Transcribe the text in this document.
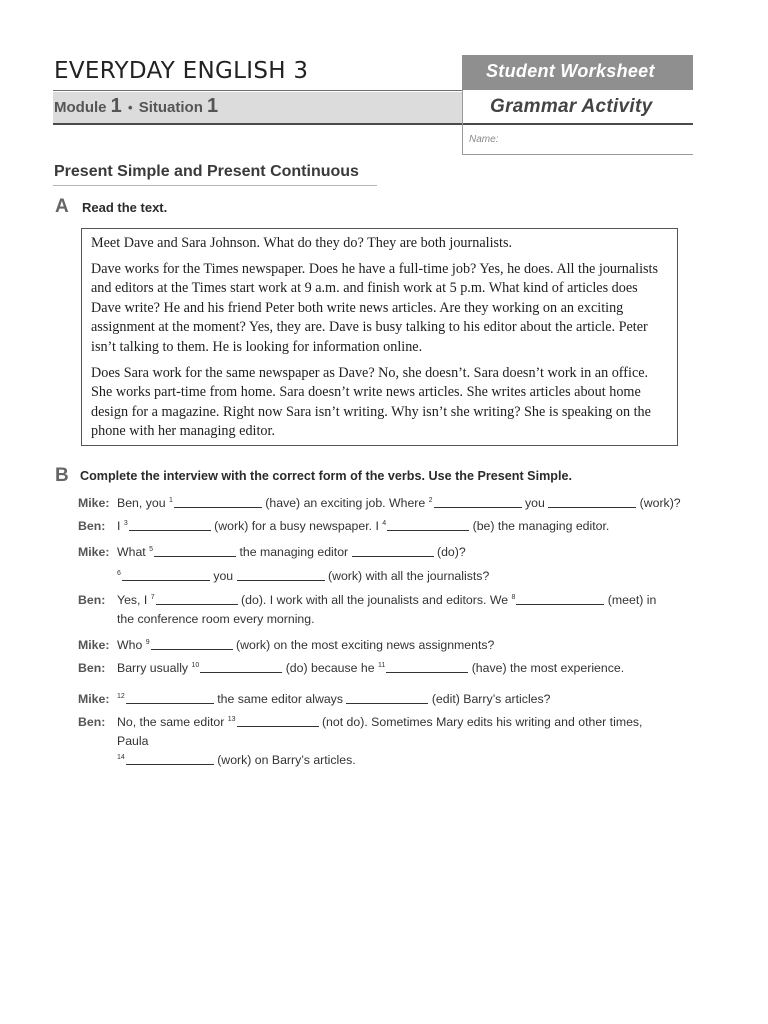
EVERYDAY ENGLISH 3
Module 1 • Situation 1
Student Worksheet
Grammar Activity
Name:
Present Simple and Present Continuous
A Read the text.

Meet Dave and Sara Johnson. What do they do? They are both journalists.

Dave works for the Times newspaper. Does he have a full-time job? Yes, he does. All the journalists and editors at the Times start work at 9 a.m. and finish work at 5 p.m. What kind of articles does Dave write? He and his friend Peter both write news articles. Are they working on an exciting assignment at the moment? Yes, they are. Dave is busy talking to his editor about the article. Peter isn’t talking to them. He is looking for information online.

Does Sara work for the same newspaper as Dave? No, she doesn’t. Sara doesn’t work in an office. She works part-time from home. Sara doesn’t write news articles. She writes articles about home design for a magazine. Right now Sara isn’t writing. Why isn’t she writing? She is speaking on the phone with her managing editor.

B Complete the interview with the correct form of the verbs. Use the Present Simple.
Mike: Ben, you $^1$	(have) an exciting job. Where $^2$	you	(work)?
Ben: I $^3$	(work) for a busy newspaper. I $^4$	(be) the managing editor.
Mike: What $^5$	the managing editor	(do)?
$^6$	you	(work) with all the journalists?
Ben: Yes, I $^7$	(do). I work with all the jounalists and editors. We $^8$	(meet) in
the conference room every morning.
Mike: Who $^9$	(work) on the most exciting news assignments?
Ben: Barry usually $^{10}$	(do) because he $^{11}$	(have) the most experience.
Mike: $^{12}$	the same editor always	(edit) Barry’s articles?
Ben: No, the same editor $^{13}$	(not do). Sometimes Mary edits his writing and other times,
Paula
$^{14}$	(work) on Barry’s articles.
